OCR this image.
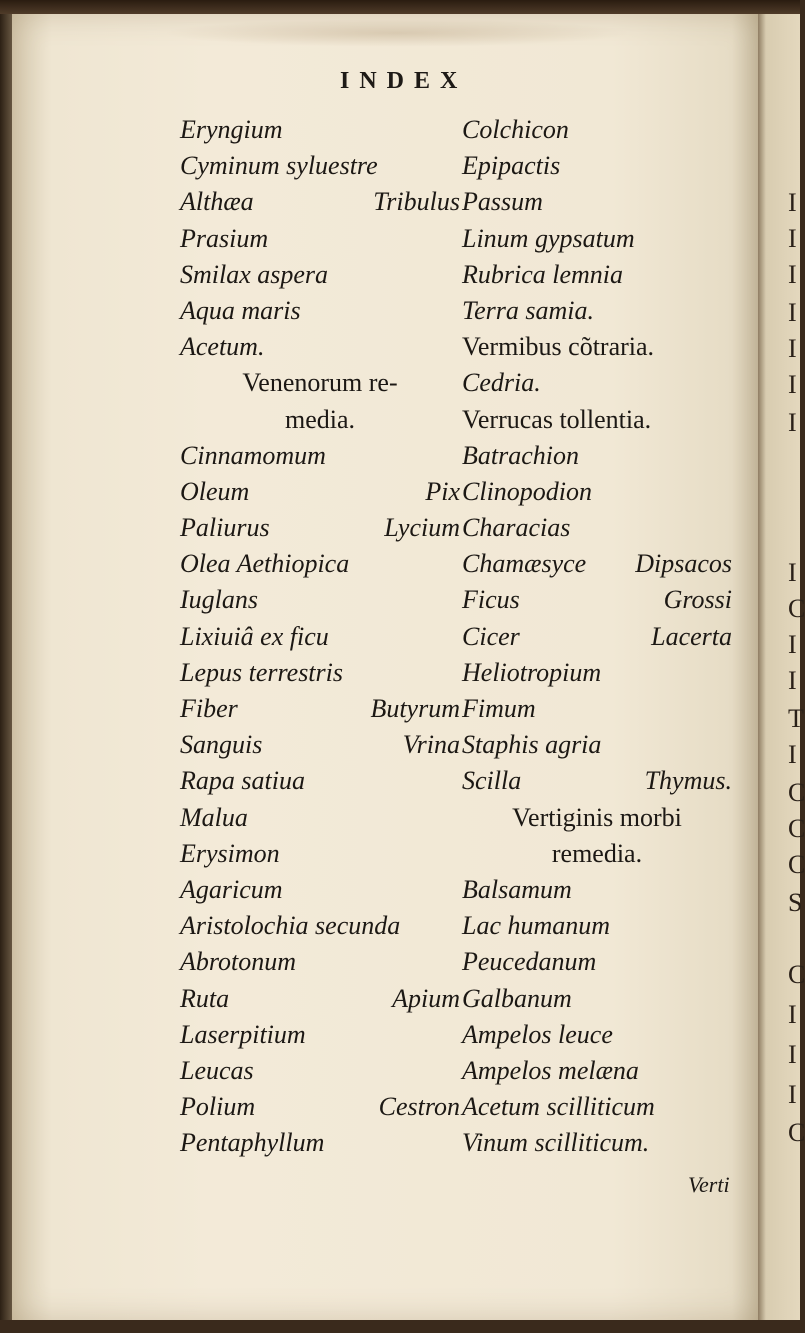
I
I
I
I
I
I
I
I
C
I
I
T
I
C
C
C
S
C
I
I
I
C
INDEX
Eryngium
Cyminum syluestre
Althæa	Tribulus
Prasium
Smilax aspera
Aqua maris
Acetum.
Venenorum re-
media.
Cinnamomum
Oleum	Pix
Paliurus	Lycium
Olea Aethiopica
Iuglans
Lixiuiâ ex ficu
Lepus terrestris
Fiber	Butyrum
Sanguis	Vrina
Rapa satiua
Malua
Erysimon
Agaricum
Aristolochia secunda
Abrotonum
Ruta	Apium
Laserpitium
Leucas
Polium	Cestron
Pentaphyllum
Colchicon
Epipactis
Passum
Linum gypsatum
Rubrica lemnia
Terra samia.
Vermibus cõtraria.
Cedria.
Verrucas tollentia.
Batrachion
Clinopodion
Characias
Chamæsyce Dipsacos
Ficus	Grossi
Cicer	Lacerta
Heliotropium
Fimum
Staphis agria
Scilla	Thymus.
Vertiginis morbi
remedia.
Balsamum
Lac humanum
Peucedanum
Galbanum
Ampelos leuce
Ampelos melæna
Acetum scilliticum
Vinum scilliticum.
Verti
